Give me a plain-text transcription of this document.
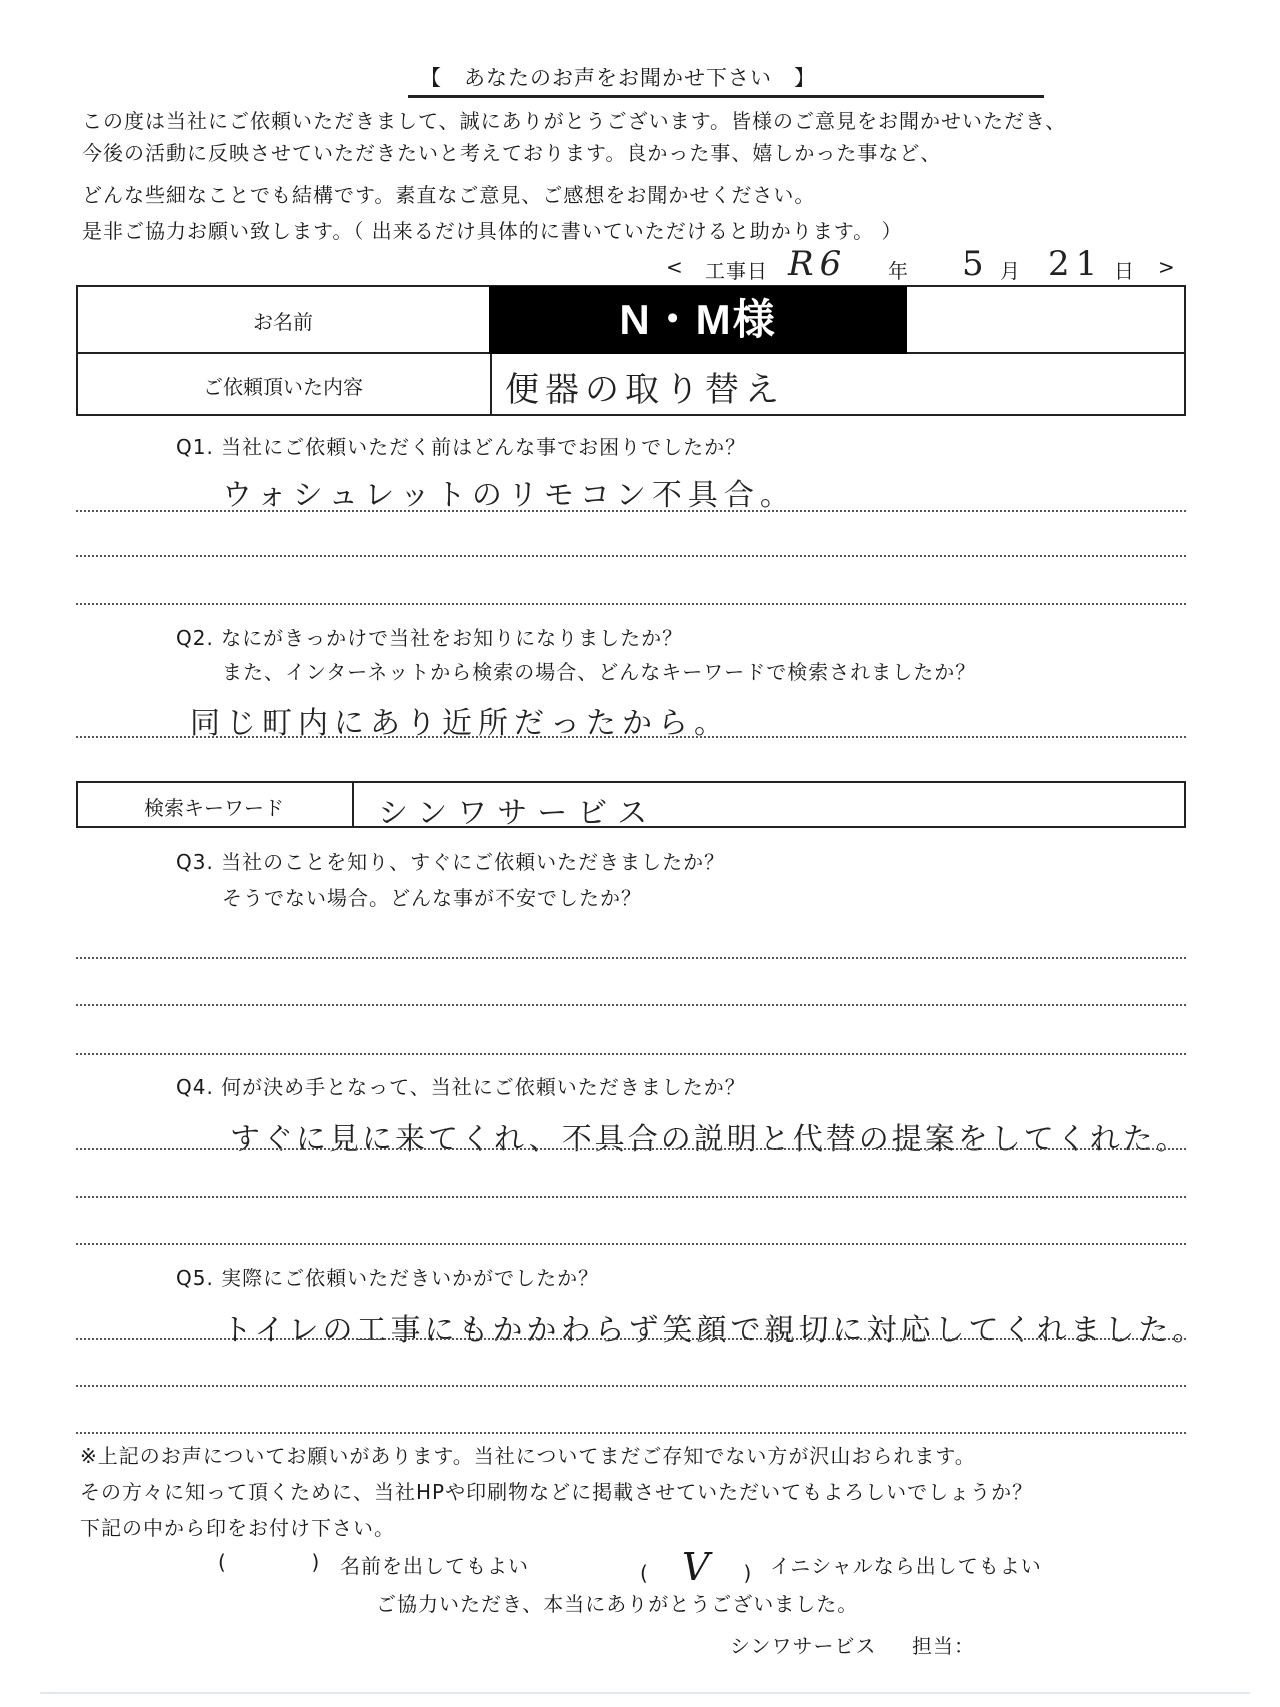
【　あなたのお声をお聞かせ下さい　】
この度は当社にご依頼いただきまして、誠にありがとうございます。皆様のご意見をお聞かせいただき、
今後の活動に反映させていただきたいと考えております。良かった事、嬉しかった事など、
どんな些細なことでも結構です。素直なご意見、ご感想をお聞かせください。
是非ご協力お願い致します。（ 出来るだけ具体的に書いていただけると助かります。 ）
< 工事日 R6 年 5 月 21 日 >
お名前	N・M様
ご依頼頂いた内容	便器の取り替え
Q1. 当社にご依頼いただく前はどんな事でお困りでしたか？
ウォシュレットのリモコン不具合。
Q2. なにがきっかけで当社をお知りになりましたか？
また、インターネットから検索の場合、どんなキーワードで検索されましたか？
同じ町内にあり近所だったから。
検索キーワード	シンワサービス
Q3. 当社のことを知り、すぐにご依頼いただきましたか？
そうでない場合。どんな事が不安でしたか？
Q4. 何が決め手となって、当社にご依頼いただきましたか？
すぐに見に来てくれ、不具合の説明と代替の提案をしてくれた。
Q5. 実際にご依頼いただきいかがでしたか？
トイレの工事にもかかわらず笑顔で親切に対応してくれました。
※上記のお声についてお願いがあります。当社についてまだご存知でない方が沢山おられます。
その方々に知って頂くために、当社HPや印刷物などに掲載させていただいてもよろしいでしょうか？
下記の中から印をお付け下さい。
(	) 名前を出してもよい	( V ) イニシャルなら出してもよい
ご協力いただき、本当にありがとうございました。
シンワサービス 担当：
